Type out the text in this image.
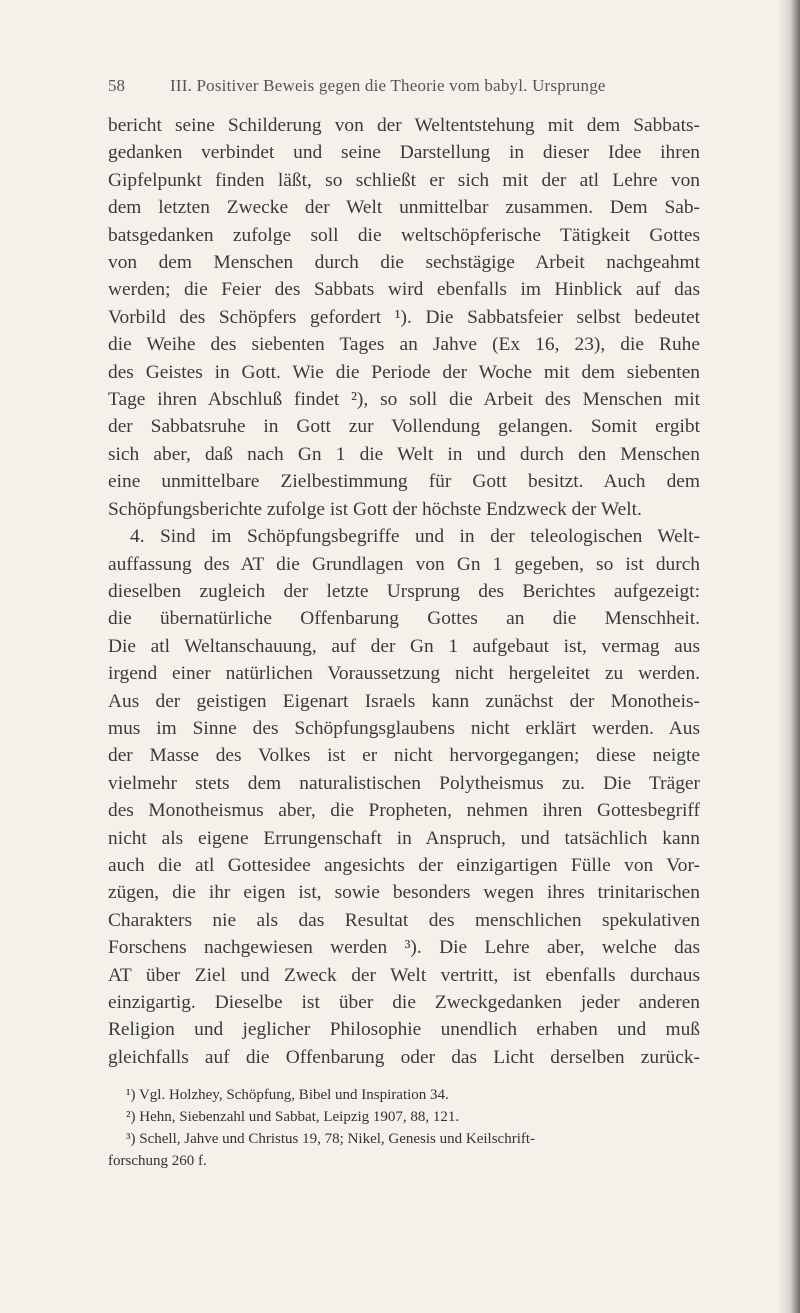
58	III. Positiver Beweis gegen die Theorie vom babyl. Ursprunge
bericht seine Schilderung von der Weltentstehung mit dem Sabbats-
gedanken verbindet und seine Darstellung in dieser Idee ihren
Gipfelpunkt finden läßt, so schließt er sich mit der atl Lehre von
dem letzten Zwecke der Welt unmittelbar zusammen. Dem Sab-
batsgedanken zufolge soll die weltschöpferische Tätigkeit Gottes
von dem Menschen durch die sechstägige Arbeit nachgeahmt
werden; die Feier des Sabbats wird ebenfalls im Hinblick auf das
Vorbild des Schöpfers gefordert ¹). Die Sabbatsfeier selbst bedeutet
die Weihe des siebenten Tages an Jahve (Ex 16, 23), die Ruhe
des Geistes in Gott. Wie die Periode der Woche mit dem siebenten
Tage ihren Abschluß findet ²), so soll die Arbeit des Menschen mit
der Sabbatsruhe in Gott zur Vollendung gelangen. Somit ergibt
sich aber, daß nach Gn 1 die Welt in und durch den Menschen
eine unmittelbare Zielbestimmung für Gott besitzt. Auch dem
Schöpfungsberichte zufolge ist Gott der höchste Endzweck der Welt.
4. Sind im Schöpfungsbegriffe und in der teleologischen Welt-
auffassung des AT die Grundlagen von Gn 1 gegeben, so ist durch
dieselben zugleich der letzte Ursprung des Berichtes aufgezeigt:
die übernatürliche Offenbarung Gottes an die Menschheit.
Die atl Weltanschauung, auf der Gn 1 aufgebaut ist, vermag aus
irgend einer natürlichen Voraussetzung nicht hergeleitet zu werden.
Aus der geistigen Eigenart Israels kann zunächst der Monotheis-
mus im Sinne des Schöpfungsglaubens nicht erklärt werden. Aus
der Masse des Volkes ist er nicht hervorgegangen; diese neigte
vielmehr stets dem naturalistischen Polytheismus zu. Die Träger
des Monotheismus aber, die Propheten, nehmen ihren Gottesbegriff
nicht als eigene Errungenschaft in Anspruch, und tatsächlich kann
auch die atl Gottesidee angesichts der einzigartigen Fülle von Vor-
zügen, die ihr eigen ist, sowie besonders wegen ihres trinitarischen
Charakters nie als das Resultat des menschlichen spekulativen
Forschens nachgewiesen werden ³). Die Lehre aber, welche das
AT über Ziel und Zweck der Welt vertritt, ist ebenfalls durchaus
einzigartig. Dieselbe ist über die Zweckgedanken jeder anderen
Religion und jeglicher Philosophie unendlich erhaben und muß
gleichfalls auf die Offenbarung oder das Licht derselben zurück-
¹) Vgl. Holzhey, Schöpfung, Bibel und Inspiration 34.
²) Hehn, Siebenzahl und Sabbat, Leipzig 1907, 88, 121.
³) Schell, Jahve und Christus 19, 78; Nikel, Genesis und Keilschrift-
forschung 260 f.
